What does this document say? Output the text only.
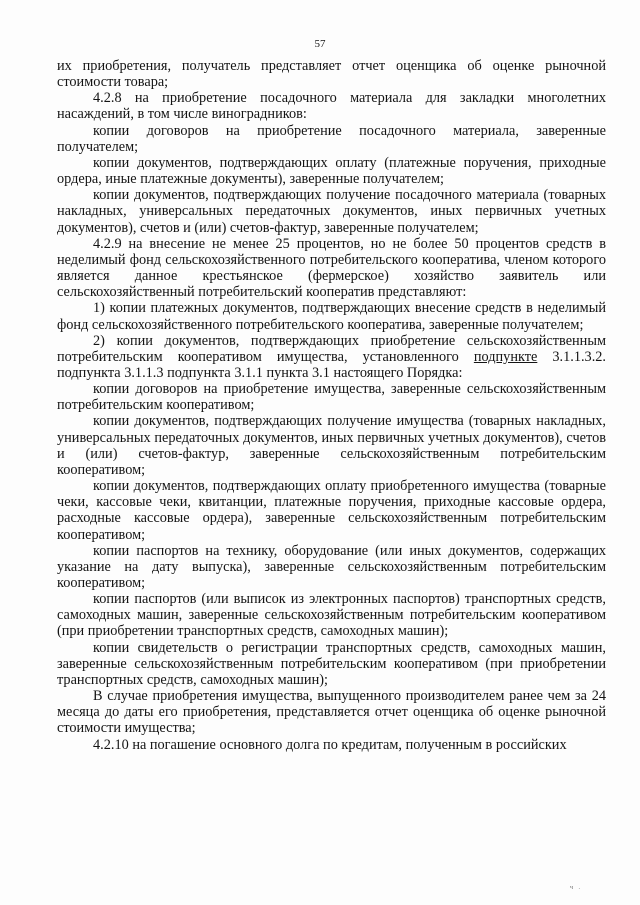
57

их приобретения, получатель представляет отчет оценщика об оценке рыночной стоимости товара;

4.2.8 на приобретение посадочного материала для закладки многолетних насаждений, в том числе виноградников:

копии договоров на приобретение посадочного материала, заверенные получателем;

копии документов, подтверждающих оплату (платежные поручения, приходные ордера, иные платежные документы), заверенные получателем;

копии документов, подтверждающих получение посадочного материала (товарных накладных, универсальных передаточных документов, иных первичных учетных документов), счетов и (или) счетов-фактур, заверенные получателем;

4.2.9 на внесение не менее 25 процентов, но не более 50 процентов средств в неделимый фонд сельскохозяйственного потребительского кооператива, членом которого является данное крестьянское (фермерское) хозяйство заявитель или сельскохозяйственный потребительский кооператив представляют:

1) копии платежных документов, подтверждающих внесение средств в неделимый фонд сельскохозяйственного потребительского кооператива, заверенные получателем;

2) копии документов, подтверждающих приобретение сельскохозяйственным потребительским кооперативом имущества, установленного подпункте 3.1.1.3.2. подпункта 3.1.1.3 подпункта 3.1.1 пункта 3.1 настоящего Порядка:

копии договоров на приобретение имущества, заверенные сельскохозяйственным потребительским кооперативом;

копии документов, подтверждающих получение имущества (товарных накладных, универсальных передаточных документов, иных первичных учетных документов), счетов и (или) счетов-фактур, заверенные сельскохозяйственным потребительским кооперативом;

копии документов, подтверждающих оплату приобретенного имущества (товарные чеки, кассовые чеки, квитанции, платежные поручения, приходные кассовые ордера, расходные кассовые ордера), заверенные сельскохозяйственным потребительским кооперативом;

копии паспортов на технику, оборудование (или иных документов, содержащих указание на дату выпуска), заверенные сельскохозяйственным потребительским кооперативом;

копии паспортов (или выписок из электронных паспортов) транспортных средств, самоходных машин, заверенные сельскохозяйственным потребительским кооперативом (при приобретении транспортных средств, самоходных машин);

копии свидетельств о регистрации транспортных средств, самоходных машин, заверенные сельскохозяйственным потребительским кооперативом (при приобретении транспортных средств, самоходных машин);

В случае приобретения имущества, выпущенного производителем ранее чем за 24 месяца до даты его приобретения, представляется отчет оценщика об оценке рыночной стоимости имущества;

4.2.10 на погашение основного долга по кредитам, полученным в российских

ч .
